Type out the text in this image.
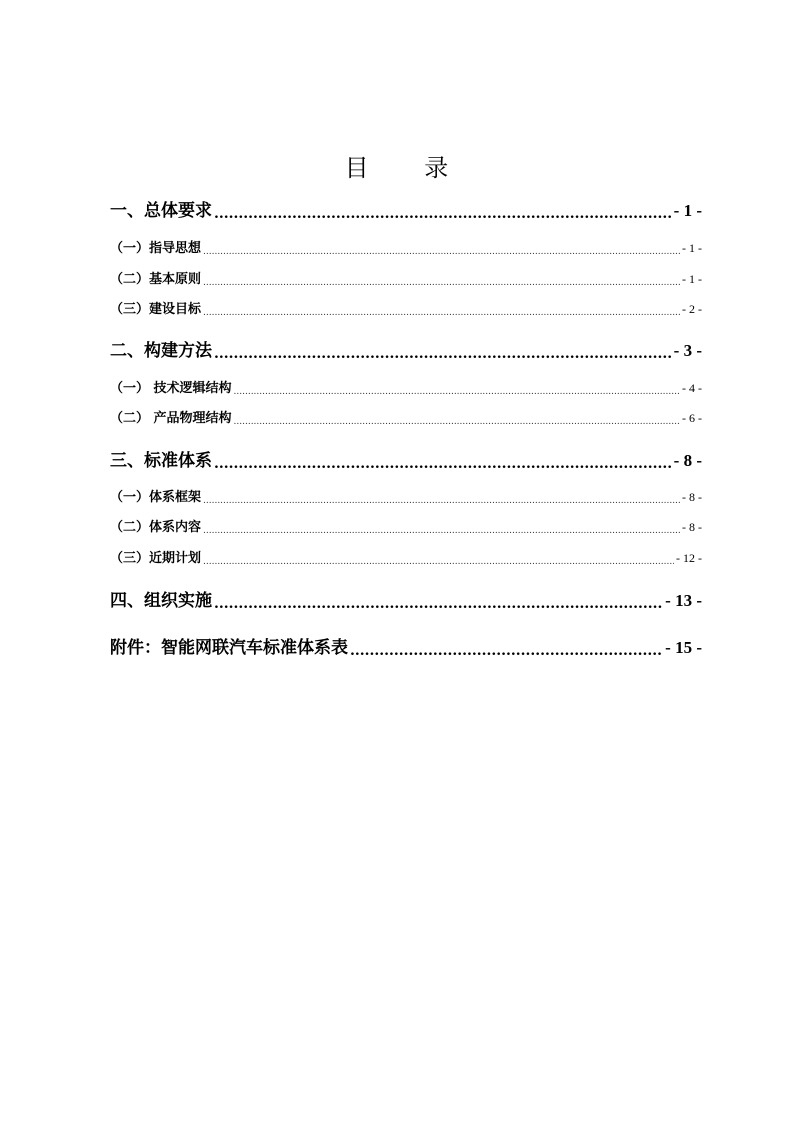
目 录
一、总体要求 .....	- 1 -
（一）指导思想 .....	- 1 -
（二）基本原则 .....	- 1 -
（三）建设目标 .....	- 2 -
二、构建方法 .....	- 3 -
（一） 技术逻辑结构 .....	- 4 -
（二） 产品物理结构 .....	- 6 -
三、标准体系 .....	- 8 -
（一）体系框架 .....	- 8 -
（二）体系内容 .....	- 8 -
（三）近期计划 .....	- 12 -
四、组织实施 .....	- 13 -
附件：智能网联汽车标准体系表 .....	- 15 -
